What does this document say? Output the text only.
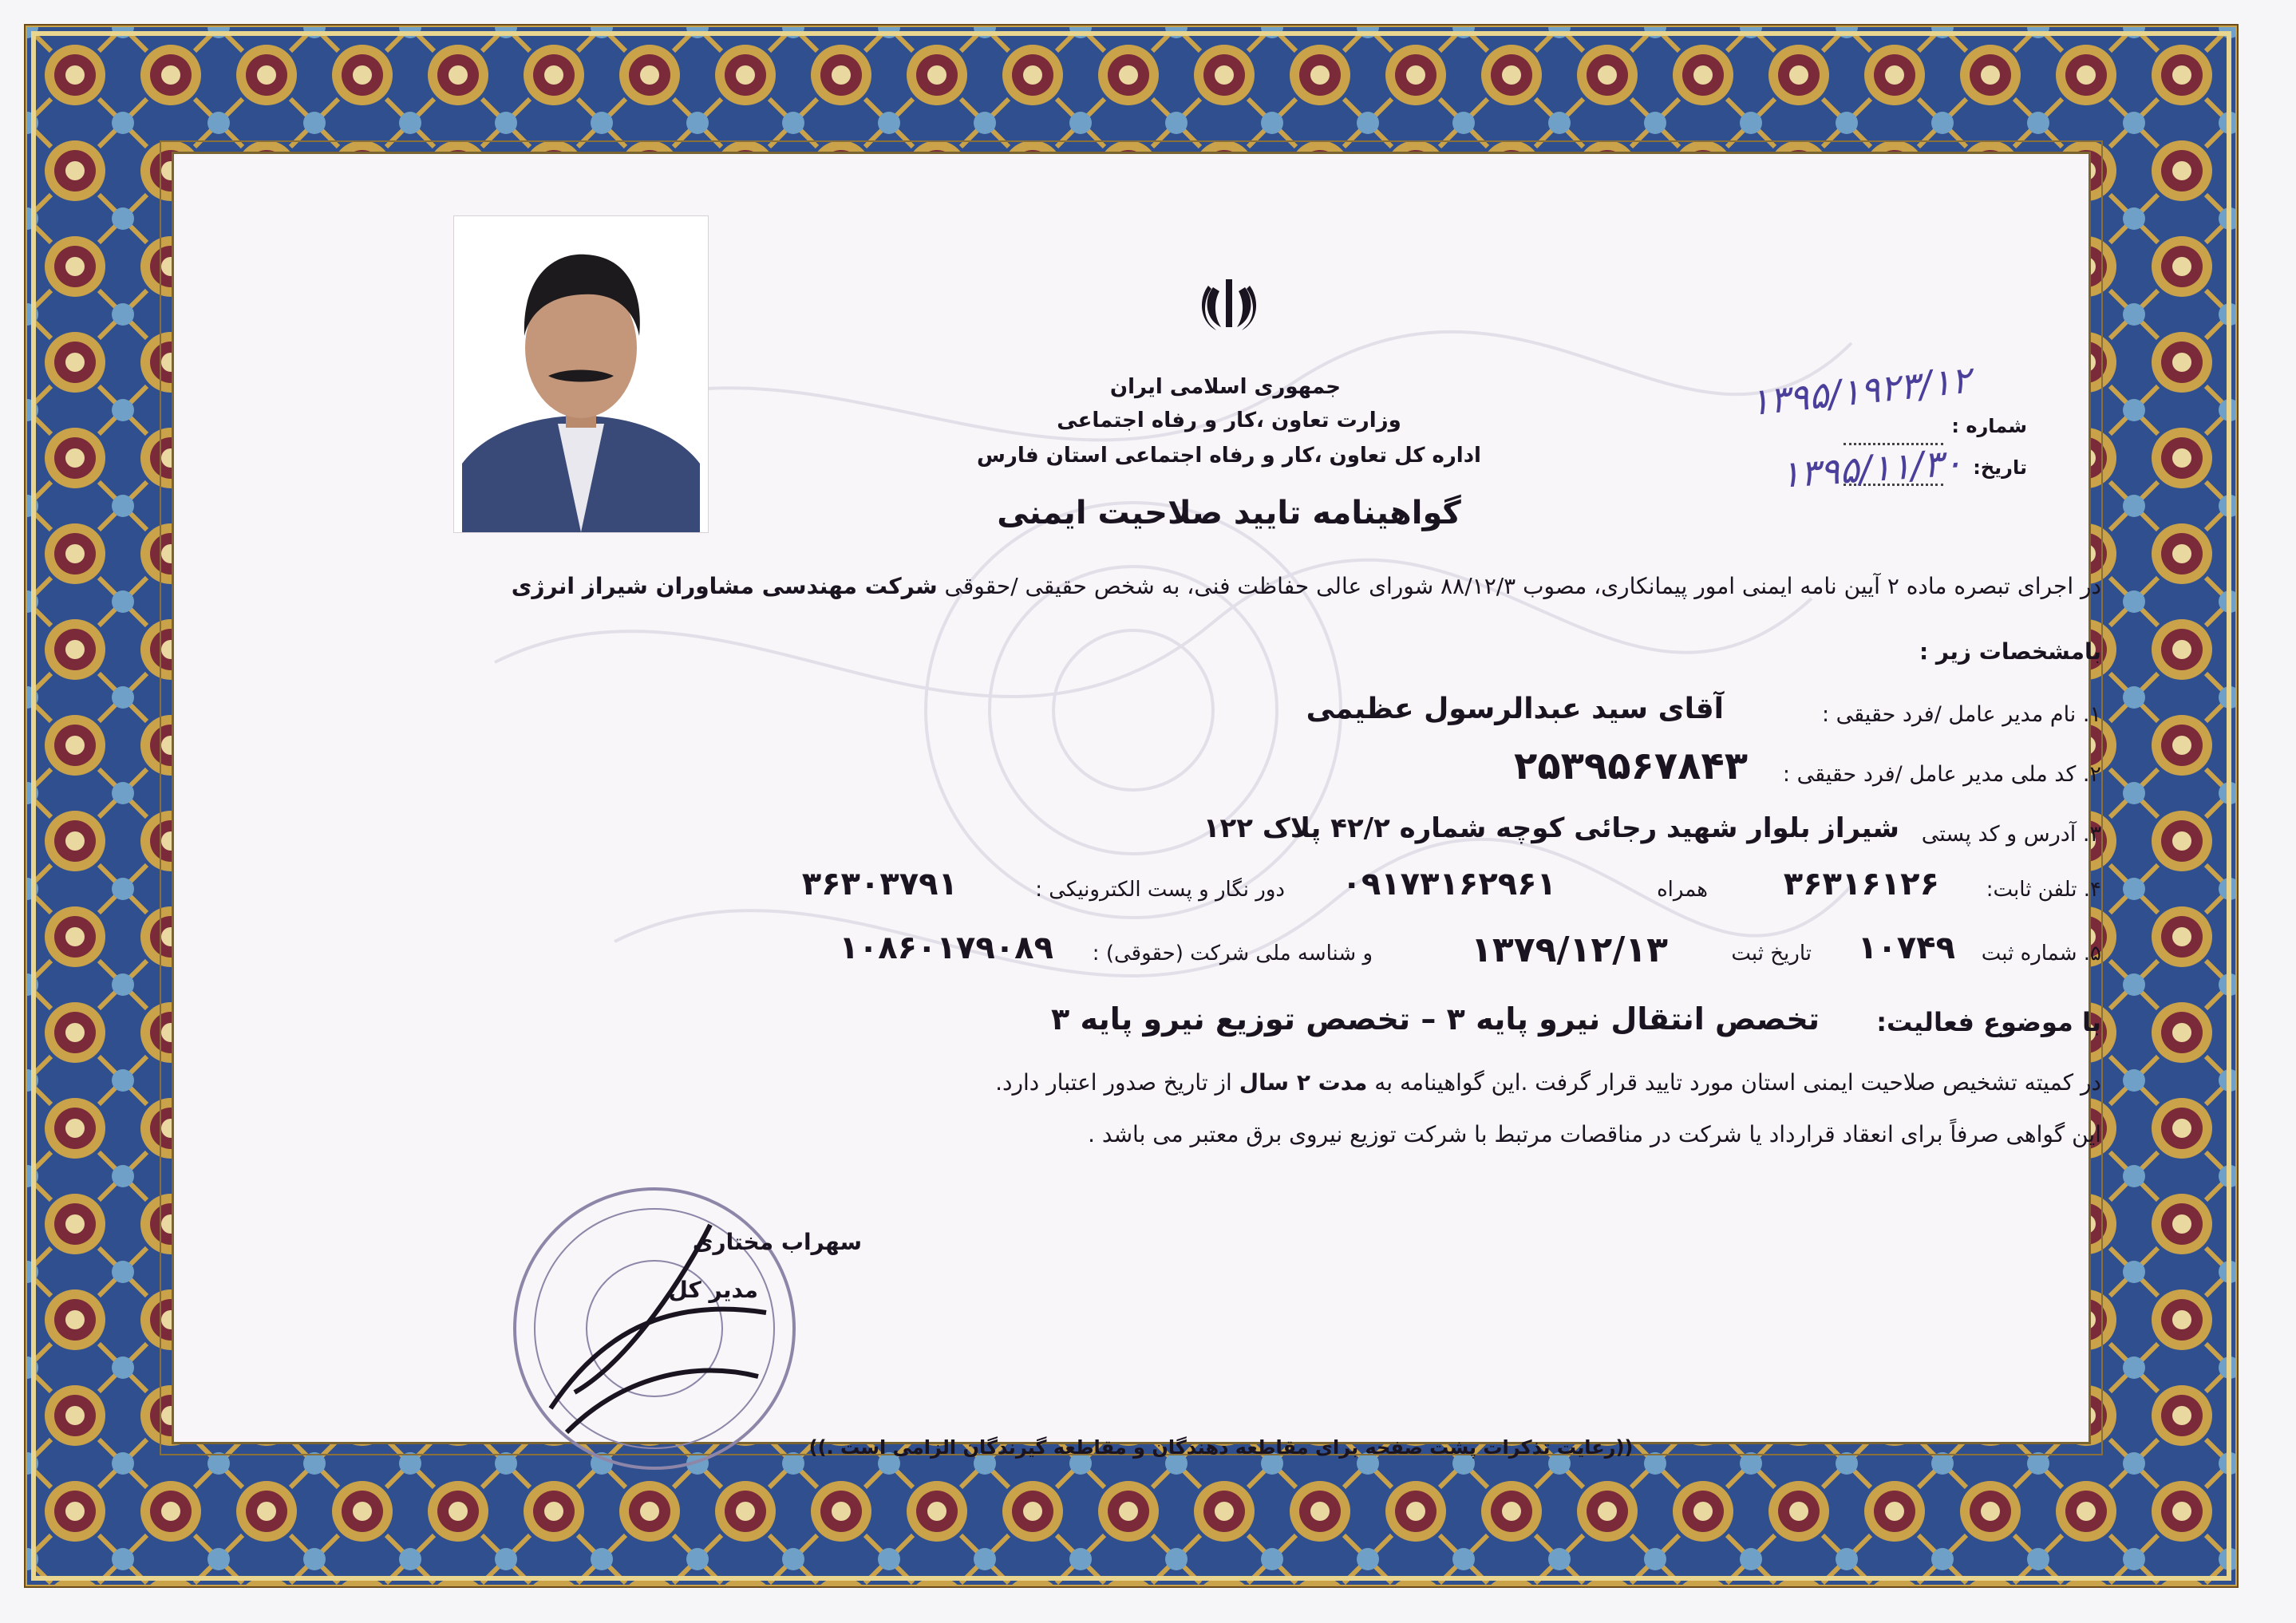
جمهوری اسلامی ایران
وزارت تعاون ،کار و رفاه اجتماعی
اداره کل تعاون ،کار و رفاه اجتماعی استان فارس
گواهینامه تایید صلاحیت ایمنی
شماره :
۱۳۹۵/۱۹۲۳/۱۲
تاریخ:
۱۳۹۵/۱۱/۳۰
در اجرای تبصره ماده ۲ آیین نامه ایمنی امور پیمانکاری، مصوب ۸۸/۱۲/۳ شورای عالی حفاظت فنی، به شخص حقیقی /حقوقی شرکت مهندسی مشاوران شیراز انرژی
بامشخصات زیر :
۱. نام مدیر عامل /فرد حقیقی :
آقای سید عبدالرسول عظیمی
۲. کد ملی مدیر عامل /فرد حقیقی :
۲۵۳۹۵۶۷۸۴۳
۳. آدرس و کد پستی
شیراز بلوار شهید رجائی کوچه شماره ۴۲/۲ پلاک ۱۲۲
۴. تلفن ثابت:
۳۶۳۱۶۱۲۶
همراه
۰۹۱۷۳۱۶۲۹۶۱
دور نگار و پست الکترونیکی :
۳۶۳۰۳۷۹۱
۵. شماره ثبت
۱۰۷۴۹
تاریخ ثبت
۱۳۷۹/۱۲/۱۳
و شناسه ملی شرکت (حقوقی) :
۱۰۸۶۰۱۷۹۰۸۹
با موضوع فعالیت:
تخصص انتقال نیرو پایه ۳ – تخصص توزیع نیرو پایه ۳
در کمیته تشخیص صلاحیت ایمنی استان مورد تایید قرار گرفت .این گواهینامه به مدت ۲ سال از تاریخ صدور اعتبار دارد.
این گواهی صرفاً برای انعقاد قرارداد یا شرکت در مناقصات مرتبط با شرکت توزیع نیروی برق معتبر می باشد .
سهراب مختاری
مدیر کل
((رعایت تذکرات پشت صفحه برای مقاطعه دهندگان و مقاطعه گیرندگان الزامی است .))
